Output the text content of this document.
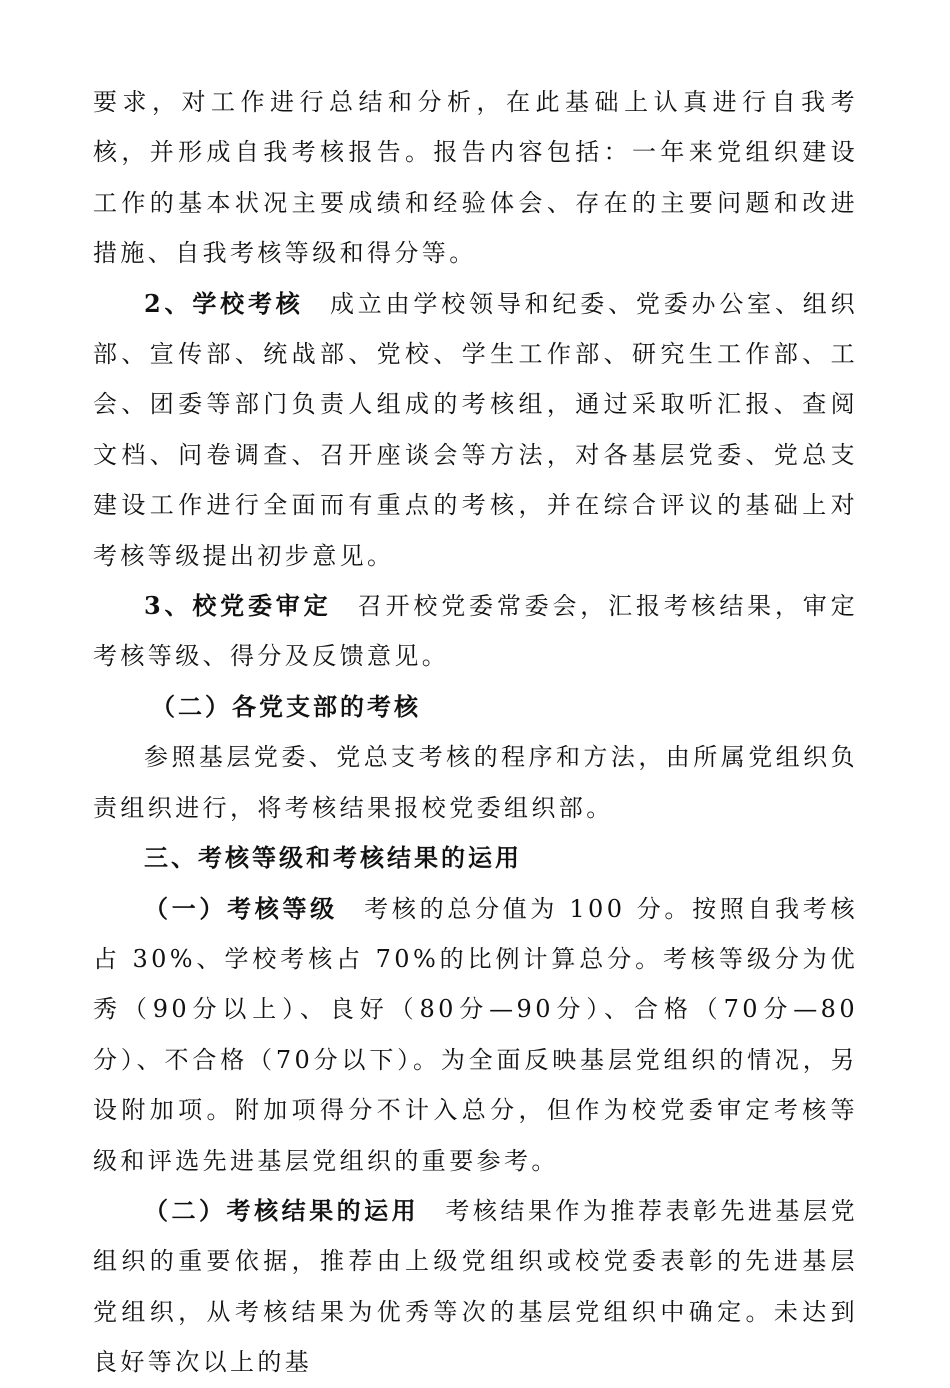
要求，对工作进行总结和分析，在此基础上认真进行自我考核，并形成自我考核报告。报告内容包括：一年来党组织建设工作的基本状况主要成绩和经验体会、存在的主要问题和改进措施、自我考核等级和得分等。

2、学校考核 成立由学校领导和纪委、党委办公室、组织部、宣传部、统战部、党校、学生工作部、研究生工作部、工会、团委等部门负责人组成的考核组，通过采取听汇报、查阅文档、问卷调查、召开座谈会等方法，对各基层党委、党总支建设工作进行全面而有重点的考核，并在综合评议的基础上对考核等级提出初步意见。

3、校党委审定 召开校党委常委会，汇报考核结果，审定考核等级、得分及反馈意见。

（二）各党支部的考核

参照基层党委、党总支考核的程序和方法，由所属党组织负责组织进行，将考核结果报校党委组织部。

三、考核等级和考核结果的运用

（一）考核等级 考核的总分值为 100 分。按照自我考核占 30%、学校考核占 70%的比例计算总分。考核等级分为优秀（90分以上）、良好（80分—90分）、合格（70分—80分）、不合格（70分以下）。为全面反映基层党组织的情况，另设附加项。附加项得分不计入总分，但作为校党委审定考核等级和评选先进基层党组织的重要参考。

（二）考核结果的运用 考核结果作为推荐表彰先进基层党组织的重要依据，推荐由上级党组织或校党委表彰的先进基层党组织，从考核结果为优秀等次的基层党组织中确定。未达到良好等次以上的基
